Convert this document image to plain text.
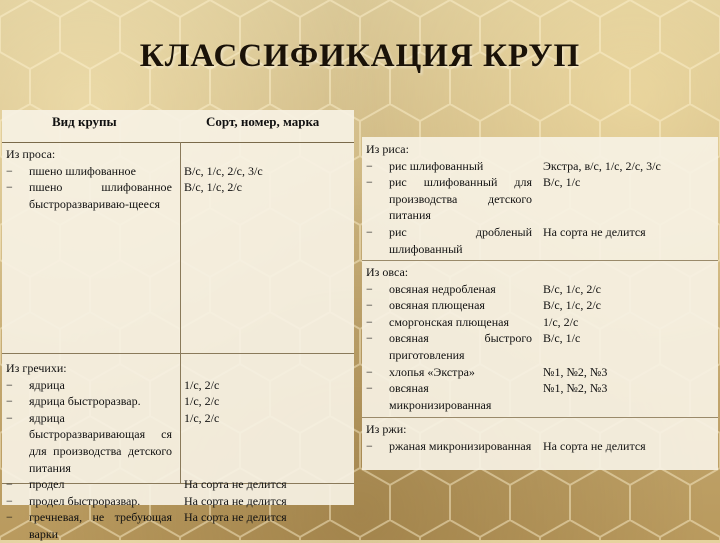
КЛАССИФИКАЦИЯ КРУП
Вид крупы	Сорт, номер, марка
Из проса:
− пшено шлифованное
− пшено шлифованное быстроразвариваю-щееся
В/с, 1/с, 2/с, 3/с
В/с, 1/с, 2/с
Из гречихи:
− ядрица
− ядрица быстроразвар.
− ядрица быстроразваривающая ся для производства детского питания
− продел
− продел быстроразвар.
− гречневая, не требующая варки
1/с, 2/с
1/с, 2/с
1/с, 2/с
На сорта не делится
На сорта не делится
На сорта не делится
Из риса:
− рис шлифованный
− рис шлифованный для производства детского питания
− рис дробленый шлифованный
Экстра, в/с, 1/с, 2/с, 3/с
В/с, 1/с
На сорта не делится
Из овса:
− овсяная недробленая
− овсяная плющеная
− сморгонская плющеная
− овсяная быстрого приготовления
− хлопья «Экстра»
− овсяная микронизированная
В/с, 1/с, 2/с
В/с, 1/с, 2/с
1/с, 2/с
В/с, 1/с
№1, №2, №3
№1, №2, №3
Из ржи:
− ржаная микронизированная На сорта не делится
